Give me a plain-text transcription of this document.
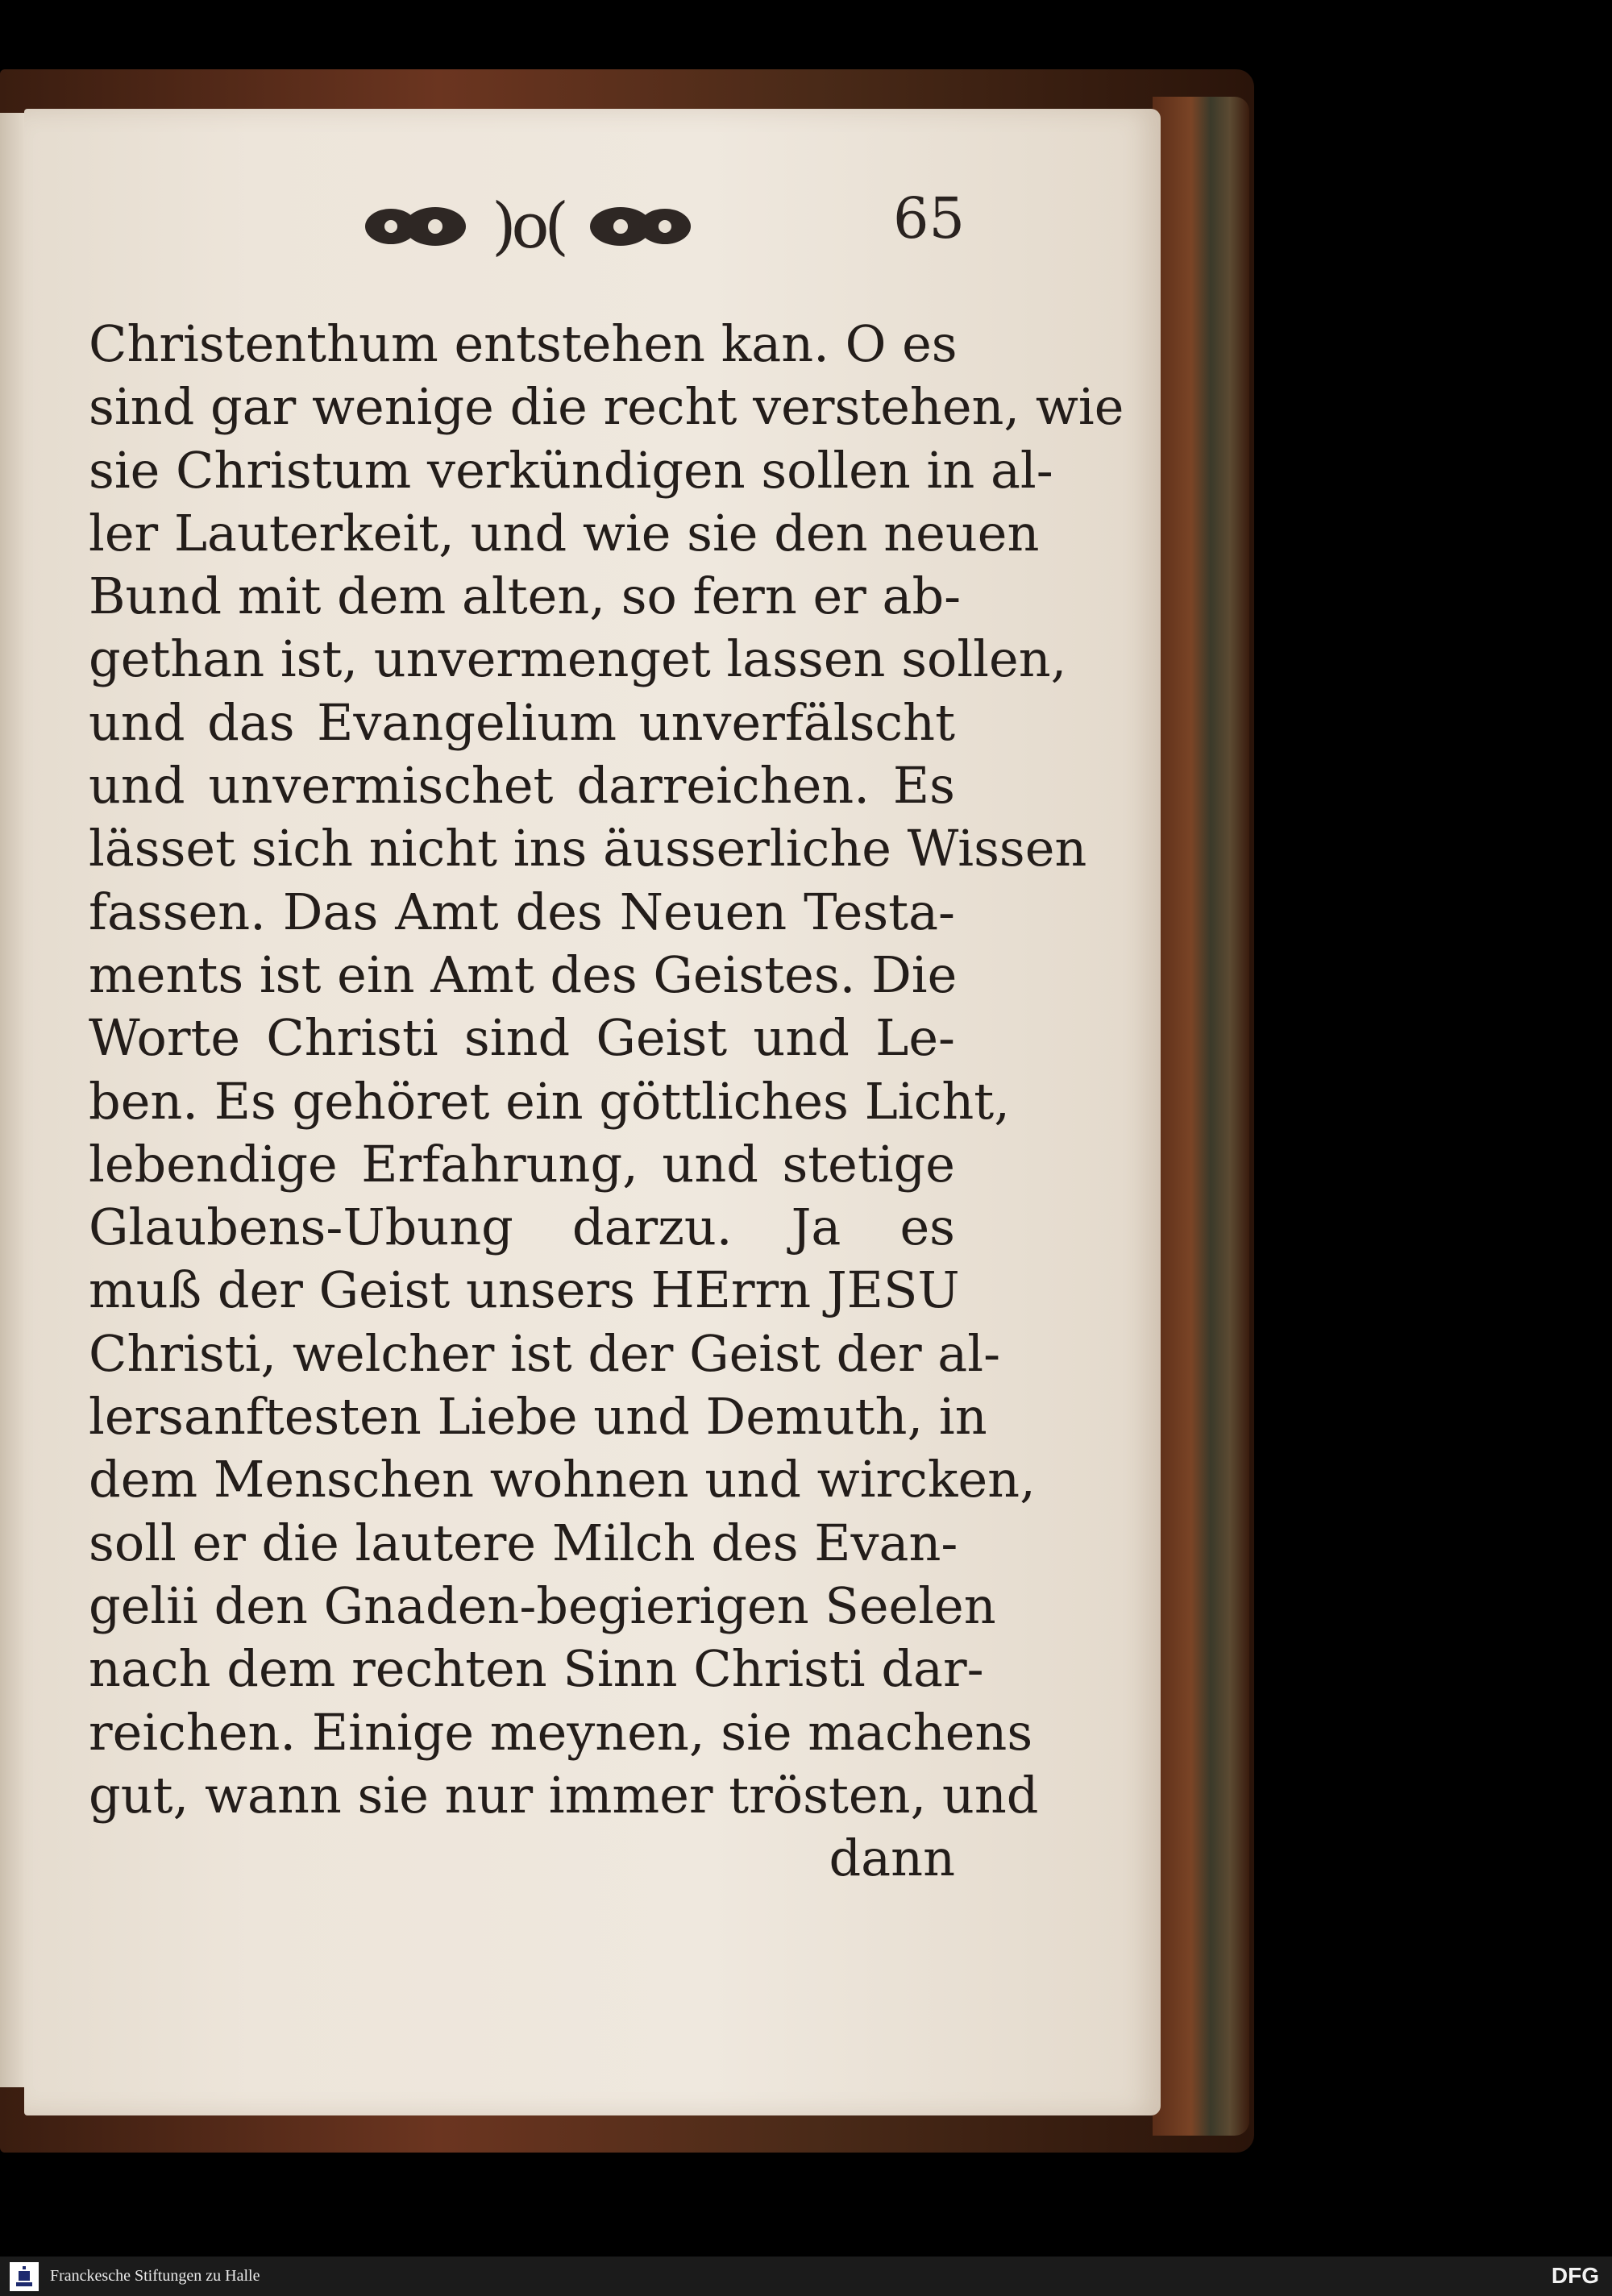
)o(	65
Christenthum entstehen kan. O es
sind gar wenige die recht verstehen, wie
sie Christum verkündigen sollen in al-
ler Lauterkeit, und wie sie den neuen
Bund mit dem alten, so fern er ab-
gethan ist, unvermenget lassen sollen,
und das Evangelium unverfälscht
und unvermischet darreichen. Es
lässet sich nicht ins äusserliche Wissen
fassen. Das Amt des Neuen Testa-
ments ist ein Amt des Geistes. Die
Worte Christi sind Geist und Le-
ben. Es gehöret ein göttliches Licht,
lebendige Erfahrung, und stetige
Glaubens-Ubung darzu. Ja es
muß der Geist unsers HErrn JESU
Christi, welcher ist der Geist der al-
lersanftesten Liebe und Demuth, in
dem Menschen wohnen und wircken,
soll er die lautere Milch des Evan-
gelii den Gnaden-begierigen Seelen
nach dem rechten Sinn Christi dar-
reichen. Einige meynen, sie machens
gut, wann sie nur immer trösten, und
dann
Franckesche Stiftungen zu Halle	DFG
